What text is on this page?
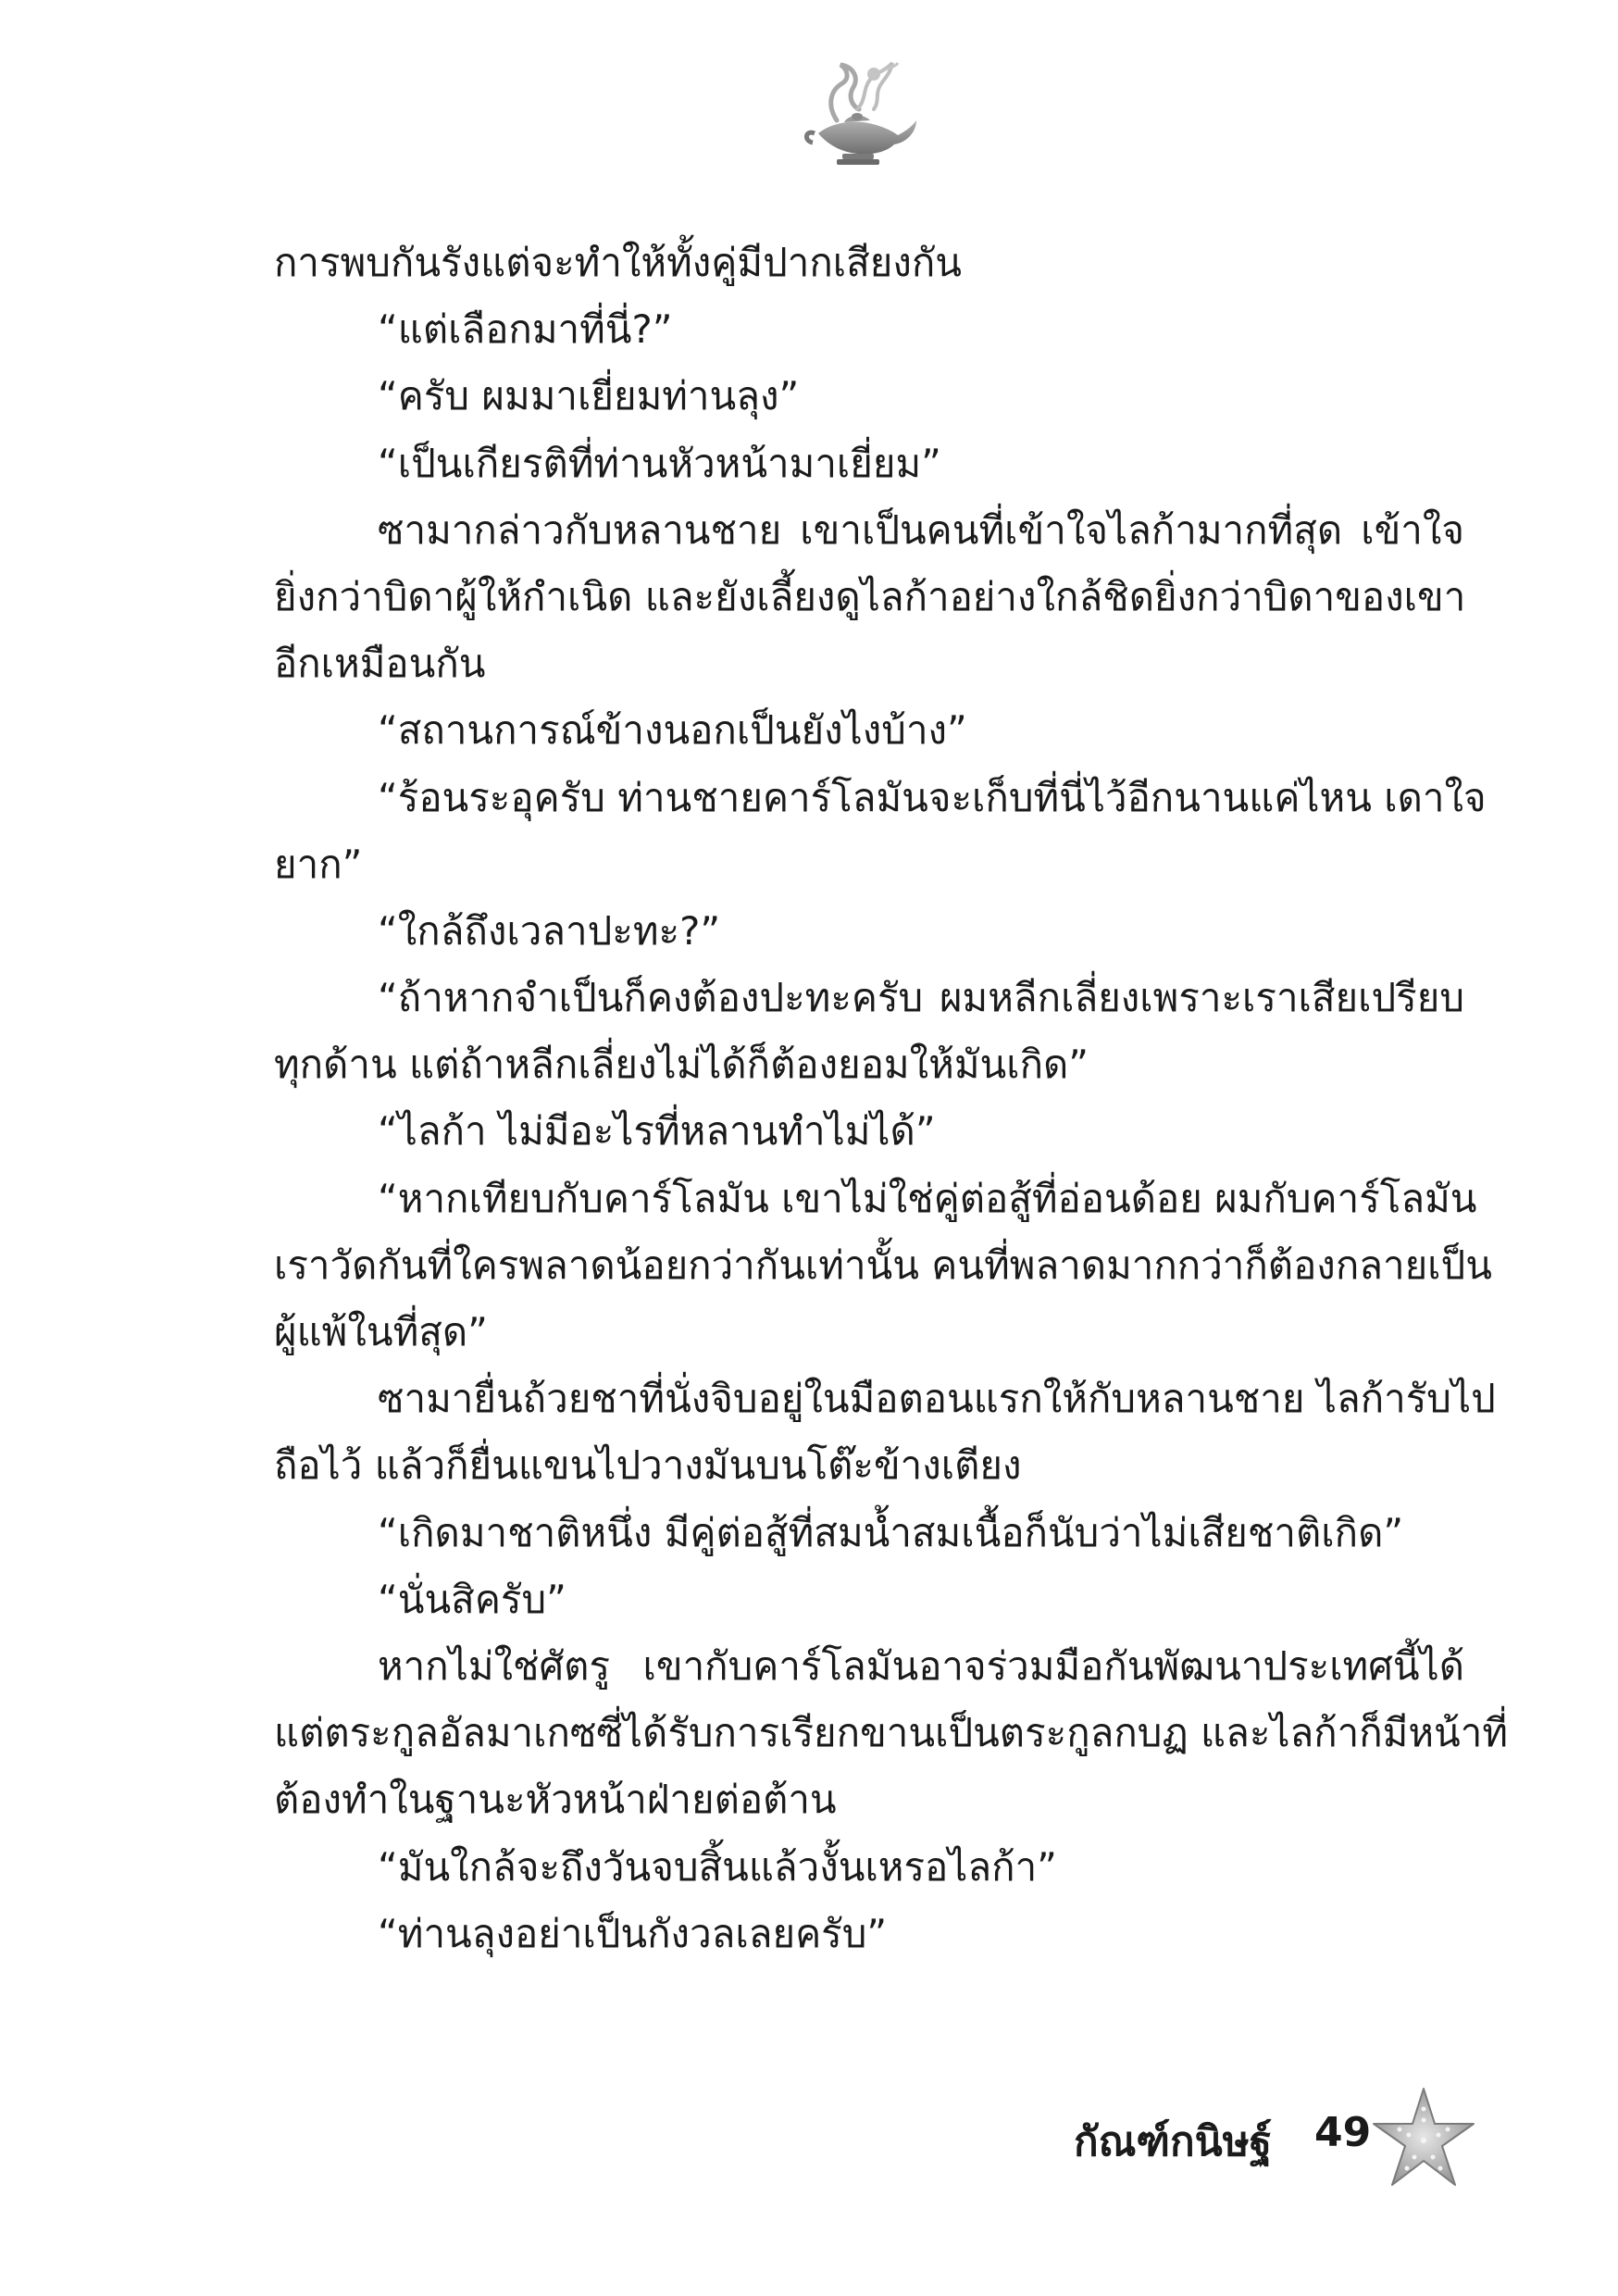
การพบกันรังแต่จะทำให้ทั้งคู่มีปากเสียงกัน
“แต่เลือกมาที่นี่?”
“ครับ ผมมาเยี่ยมท่านลุง”
“เป็นเกียรติที่ท่านหัวหน้ามาเยี่ยม”
ซามากล่าวกับหลานชาย เขาเป็นคนที่เข้าใจไลก้ามากที่สุด เข้าใจ
ยิ่งกว่าบิดาผู้ให้กำเนิด และยังเลี้ยงดูไลก้าอย่างใกล้ชิดยิ่งกว่าบิดาของเขา
อีกเหมือนกัน
“สถานการณ์ข้างนอกเป็นยังไงบ้าง”
“ร้อนระอุครับ ท่านชายคาร์โลมันจะเก็บที่นี่ไว้อีกนานแค่ไหน เดาใจ
ยาก”
“ใกล้ถึงเวลาปะทะ?”
“ถ้าหากจำเป็นก็คงต้องปะทะครับ ผมหลีกเลี่ยงเพราะเราเสียเปรียบ
ทุกด้าน แต่ถ้าหลีกเลี่ยงไม่ได้ก็ต้องยอมให้มันเกิด”
“ไลก้า ไม่มีอะไรที่หลานทำไม่ได้”
“หากเทียบกับคาร์โลมัน เขาไม่ใช่คู่ต่อสู้ที่อ่อนด้อย ผมกับคาร์โลมัน
เราวัดกันที่ใครพลาดน้อยกว่ากันเท่านั้น คนที่พลาดมากกว่าก็ต้องกลายเป็น
ผู้แพ้ในที่สุด”
ซามายื่นถ้วยชาที่นั่งจิบอยู่ในมือตอนแรกให้กับหลานชาย ไลก้ารับไป
ถือไว้ แล้วก็ยื่นแขนไปวางมันบนโต๊ะข้างเตียง
“เกิดมาชาติหนึ่ง มีคู่ต่อสู้ที่สมน้ำสมเนื้อก็นับว่าไม่เสียชาติเกิด”
“นั่นสิครับ”
หากไม่ใช่ศัตรู เขากับคาร์โลมันอาจร่วมมือกันพัฒนาประเทศนี้ได้
แต่ตระกูลอัลมาเกซซี่ได้รับการเรียกขานเป็นตระกูลกบฏ และไลก้าก็มีหน้าที่
ต้องทำในฐานะหัวหน้าฝ่ายต่อต้าน
“มันใกล้จะถึงวันจบสิ้นแล้วงั้นเหรอไลก้า”
“ท่านลุงอย่าเป็นกังวลเลยครับ”
กัณฑ์กนิษฐ์ 49
